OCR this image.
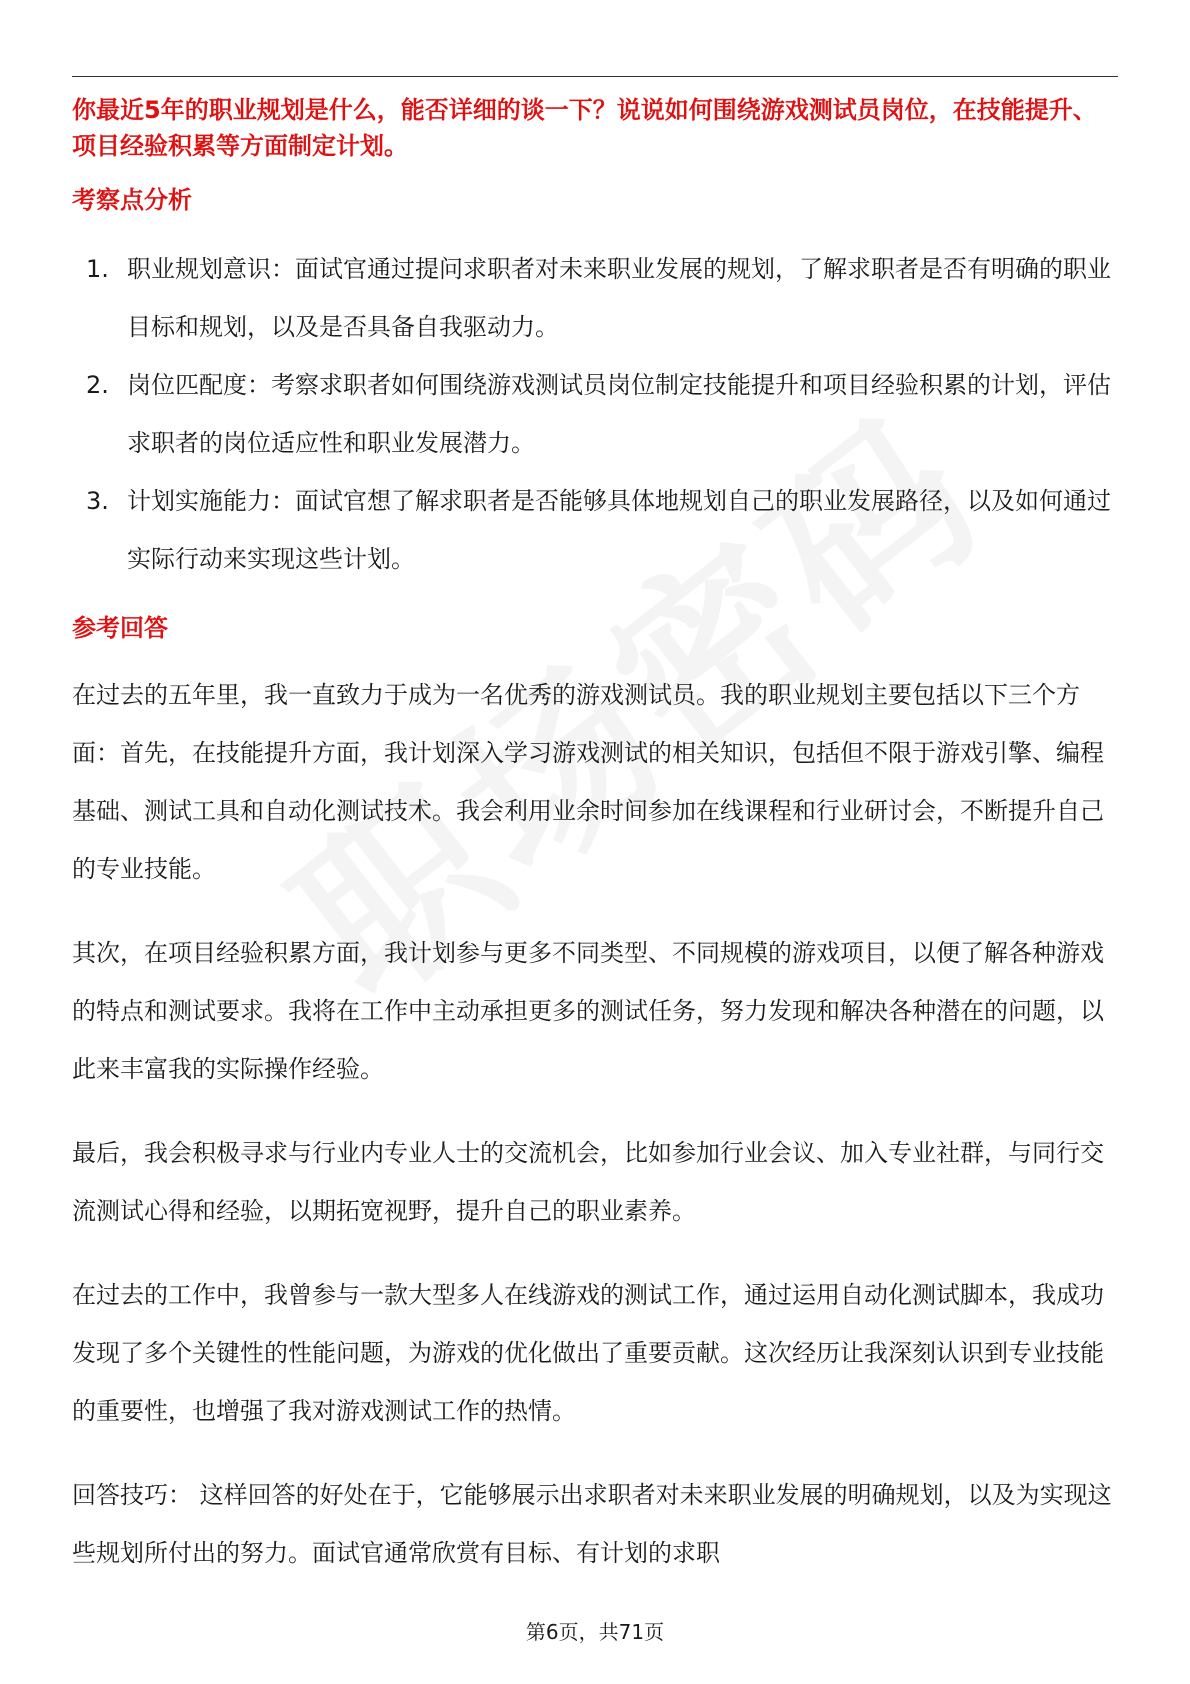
你最近5年的职业规划是什么，能否详细的谈一下？说说如何围绕游戏测试员岗位，在技能提升、项目经验积累等方面制定计划。

考察点分析

1. 职业规划意识：面试官通过提问求职者对未来职业发展的规划，了解求职者是否有明确的职业目标和规划，以及是否具备自我驱动力。
2. 岗位匹配度：考察求职者如何围绕游戏测试员岗位制定技能提升和项目经验积累的计划，评估求职者的岗位适应性和职业发展潜力。
3. 计划实施能力：面试官想了解求职者是否能够具体地规划自己的职业发展路径，以及如何通过实际行动来实现这些计划。

参考回答

在过去的五年里，我一直致力于成为一名优秀的游戏测试员。我的职业规划主要包括以下三个方面：首先，在技能提升方面，我计划深入学习游戏测试的相关知识，包括但不限于游戏引擎、编程基础、测试工具和自动化测试技术。我会利用业余时间参加在线课程和行业研讨会，不断提升自己的专业技能。

其次，在项目经验积累方面，我计划参与更多不同类型、不同规模的游戏项目，以便了解各种游戏的特点和测试要求。我将在工作中主动承担更多的测试任务，努力发现和解决各种潜在的问题，以此来丰富我的实际操作经验。

最后，我会积极寻求与行业内专业人士的交流机会，比如参加行业会议、加入专业社群，与同行交流测试心得和经验，以期拓宽视野，提升自己的职业素养。

在过去的工作中，我曾参与一款大型多人在线游戏的测试工作，通过运用自动化测试脚本，我成功发现了多个关键性的性能问题，为游戏的优化做出了重要贡献。这次经历让我深刻认识到专业技能的重要性，也增强了我对游戏测试工作的热情。

回答技巧： 这样回答的好处在于，它能够展示出求职者对未来职业发展的明确规划，以及为实现这些规划所付出的努力。面试官通常欣赏有目标、有计划的求职

第6页，共71页
